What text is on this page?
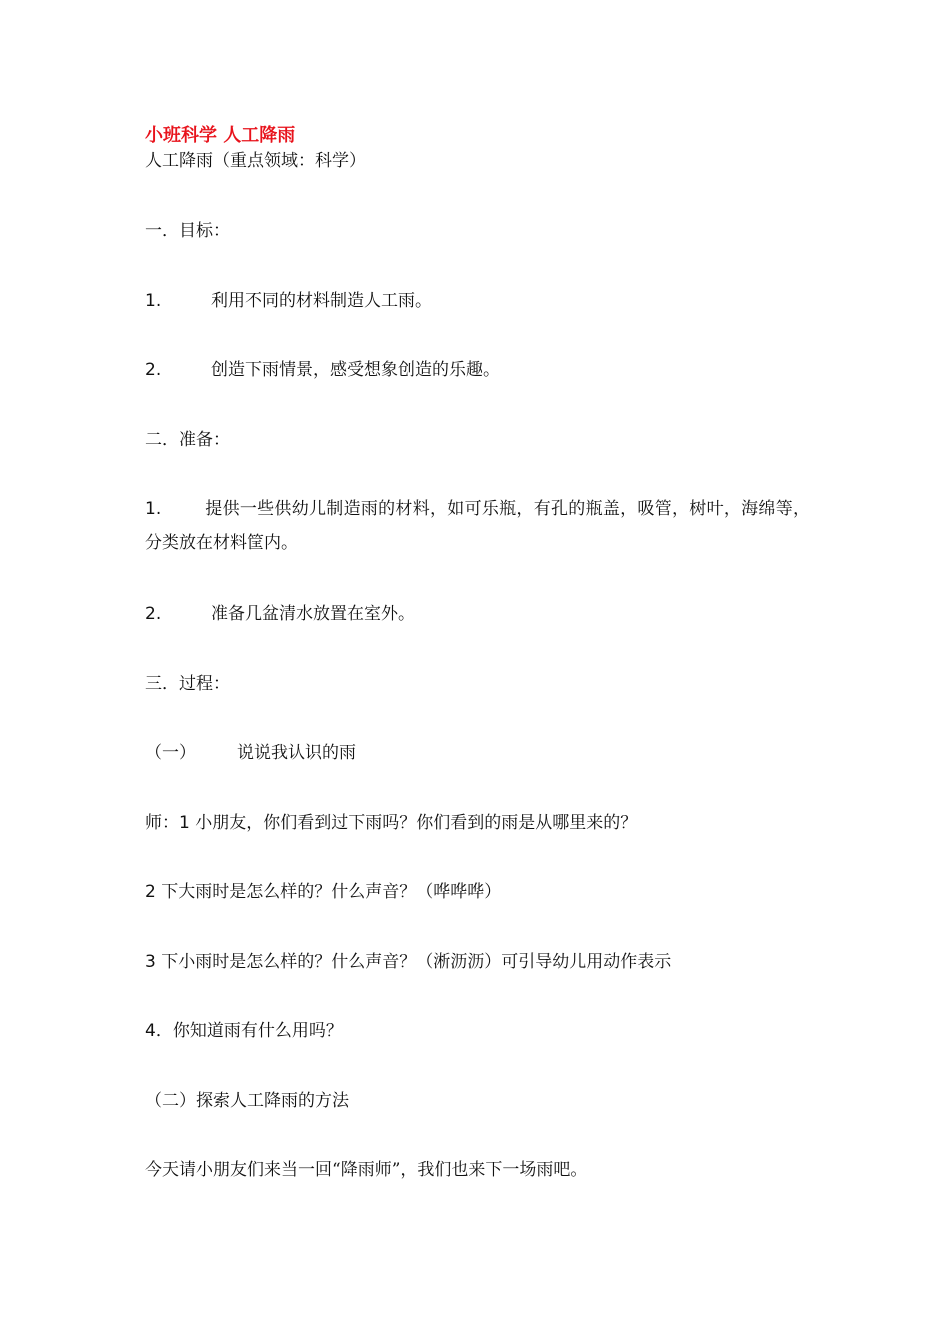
小班科学 人工降雨
人工降雨（重点领域：科学）
一．目标：
1.	利用不同的材料制造人工雨。
2.	创造下雨情景，感受想象创造的乐趣。
二．准备：
1.	提供一些供幼儿制造雨的材料，如可乐瓶，有孔的瓶盖，吸管，树叶，海绵等，分类放在材料筐内。
2.	准备几盆清水放置在室外。
三．过程：
（一） 说说我认识的雨
师：1 小朋友，你们看到过下雨吗？你们看到的雨是从哪里来的？
2 下大雨时是怎么样的？什么声音？（哗哗哗）
3 下小雨时是怎么样的？什么声音？（淅沥沥）可引导幼儿用动作表示
4．你知道雨有什么用吗？
（二）探索人工降雨的方法
今天请小朋友们来当一回“降雨师”，我们也来下一场雨吧。
